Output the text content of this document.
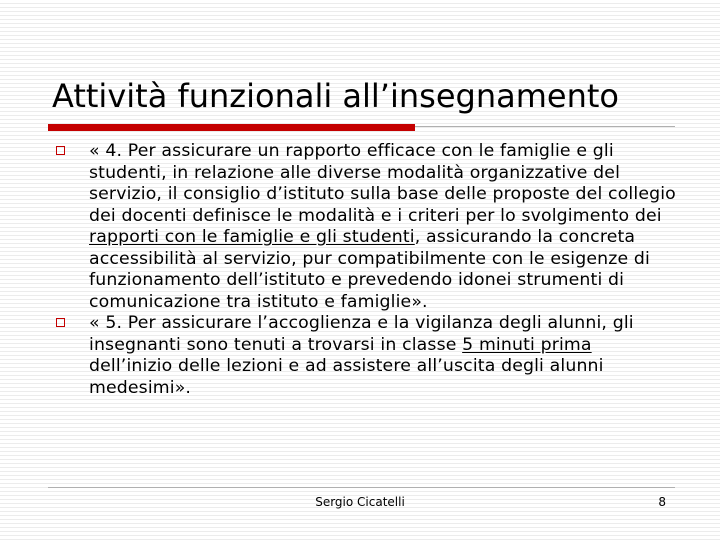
Attività funzionali all’insegnamento
« 4. Per assicurare un rapporto efficace con le famiglie e gli studenti, in relazione alle diverse modalità organizzative del servizio, il consiglio d’istituto sulla base delle proposte del collegio dei docenti definisce le modalità e i criteri per lo svolgimento dei rapporti con le famiglie e gli studenti, assicurando la concreta accessibilità al servizio, pur compatibilmente con le esigenze di funzionamento dell’istituto e prevedendo idonei strumenti di comunicazione tra istituto e famiglie».
« 5. Per assicurare l’accoglienza e la vigilanza degli alunni, gli insegnanti sono tenuti a trovarsi in classe 5 minuti prima dell’inizio delle lezioni e ad assistere all’uscita degli alunni medesimi».
Sergio Cicatelli	8
